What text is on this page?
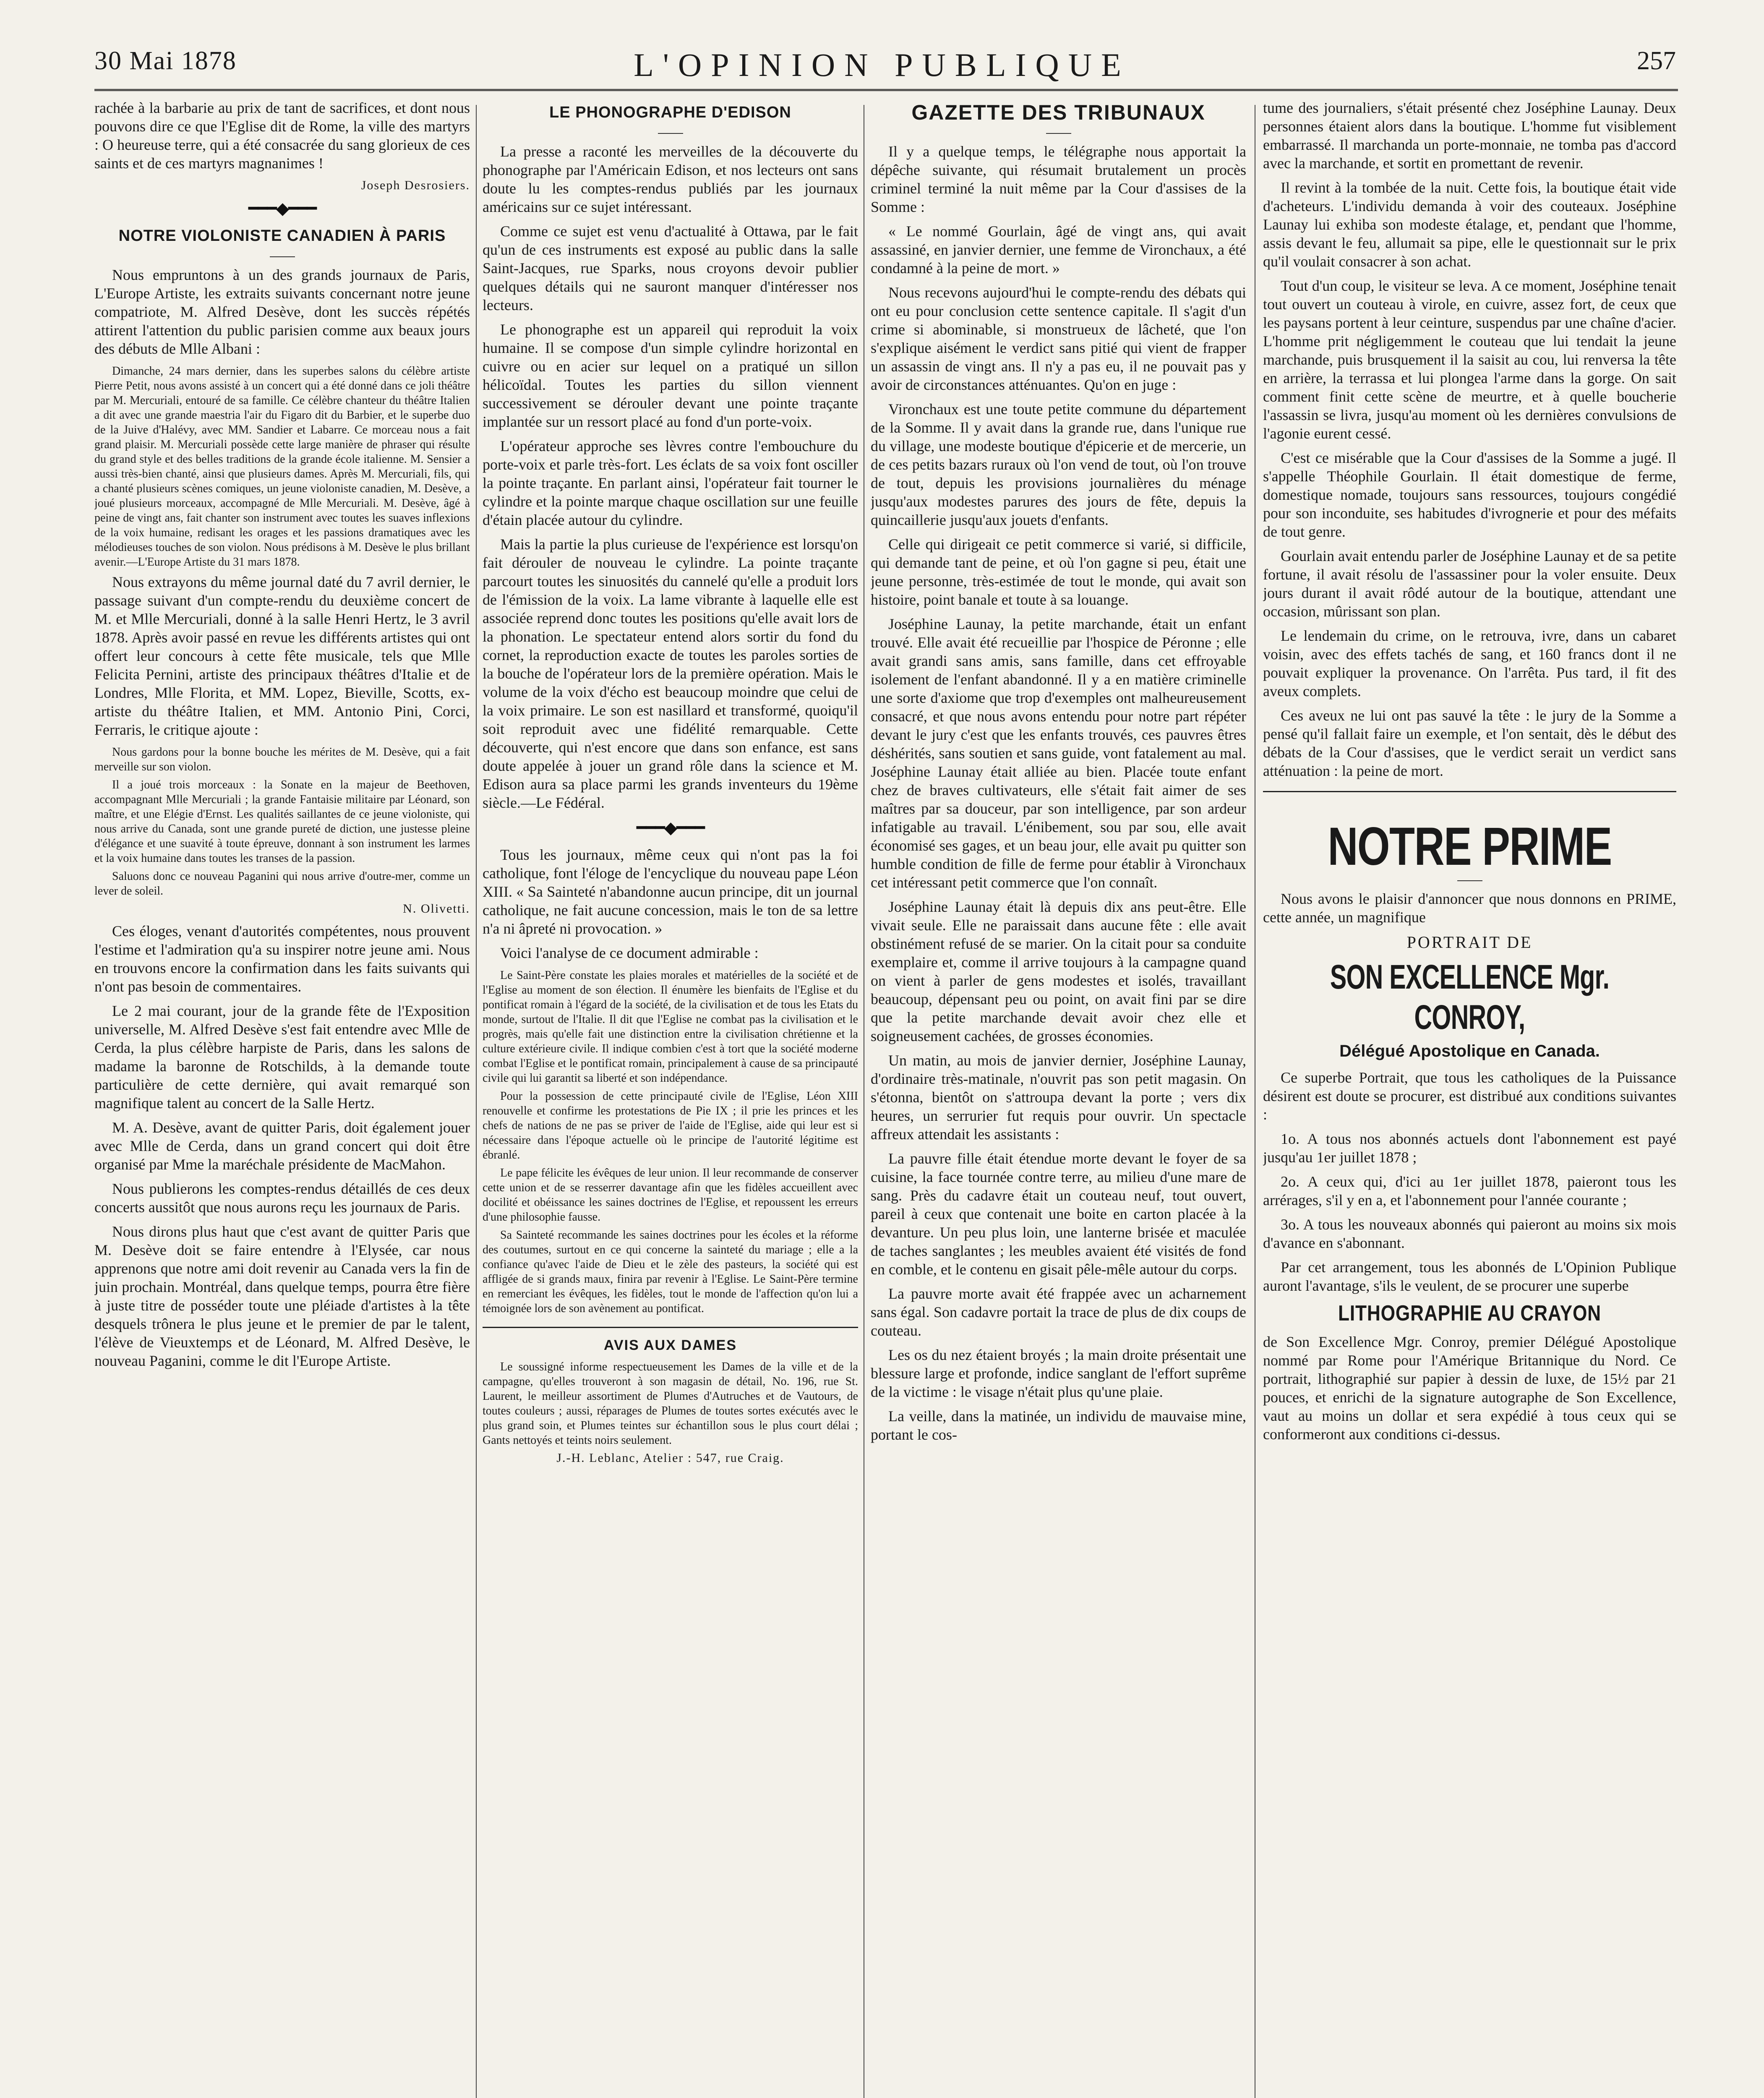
L'OPINION PUBLIQUE
30 Mai 1878	257

rachée à la barbarie au prix de tant de sacrifices, et dont nous pouvons dire ce que l'Eglise dit de Rome, la ville des martyrs : O heureuse terre, qui a été consacrée du sang glorieux de ces saints et de ces martyrs magnanimes !

Joseph Desrosiers.
━━━◆━━━
NOTRE VIOLONISTE CANADIEN À PARIS

Nous empruntons à un des grands journaux de Paris, L'Europe Artiste, les extraits suivants concernant notre jeune compatriote, M. Alfred Desève, dont les succès répétés attirent l'attention du public parisien comme aux beaux jours des débuts de Mlle Albani :

Dimanche, 24 mars dernier, dans les superbes salons du célèbre artiste Pierre Petit, nous avons assisté à un concert qui a été donné dans ce joli théâtre par M. Mercuriali, entouré de sa famille. Ce célèbre chanteur du théâtre Italien a dit avec une grande maestria l'air du Figaro dit du Barbier, et le superbe duo de la Juive d'Halévy, avec MM. Sandier et Labarre. Ce morceau nous a fait grand plaisir. M. Mercuriali possède cette large manière de phraser qui résulte du grand style et des belles traditions de la grande école italienne. M. Sensier a aussi très-bien chanté, ainsi que plusieurs dames. Après M. Mercuriali, fils, qui a chanté plusieurs scènes comiques, un jeune violoniste canadien, M. Desève, a joué plusieurs morceaux, accompagné de Mlle Mercuriali. M. Desève, âgé à peine de vingt ans, fait chanter son instrument avec toutes les suaves inflexions de la voix humaine, redisant les orages et les passions dramatiques avec les mélodieuses touches de son violon. Nous prédisons à M. Desève le plus brillant avenir.—L'Europe Artiste du 31 mars 1878.

Nous extrayons du même journal daté du 7 avril dernier, le passage suivant d'un compte-rendu du deuxième concert de M. et Mlle Mercuriali, donné à la salle Henri Hertz, le 3 avril 1878. Après avoir passé en revue les différents artistes qui ont offert leur concours à cette fête musicale, tels que Mlle Felicita Pernini, artiste des principaux théâtres d'Italie et de Londres, Mlle Florita, et MM. Lopez, Bieville, Scotts, ex-artiste du théâtre Italien, et MM. Antonio Pini, Corci, Ferraris, le critique ajoute :

Nous gardons pour la bonne bouche les mérites de M. Desève, qui a fait merveille sur son violon.

Il a joué trois morceaux : la Sonate en la majeur de Beethoven, accompagnant Mlle Mercuriali ; la grande Fantaisie militaire par Léonard, son maître, et une Elégie d'Ernst. Les qualités saillantes de ce jeune violoniste, qui nous arrive du Canada, sont une grande pureté de diction, une justesse pleine d'élégance et une suavité à toute épreuve, donnant à son instrument les larmes et la voix humaine dans toutes les transes de la passion.

Saluons donc ce nouveau Paganini qui nous arrive d'outre-mer, comme un lever de soleil.

N. Olivetti.

Ces éloges, venant d'autorités compétentes, nous prouvent l'estime et l'admiration qu'a su inspirer notre jeune ami. Nous en trouvons encore la confirmation dans les faits suivants qui n'ont pas besoin de commentaires.

Le 2 mai courant, jour de la grande fête de l'Exposition universelle, M. Alfred Desève s'est fait entendre avec Mlle de Cerda, la plus célèbre harpiste de Paris, dans les salons de madame la baronne de Rotschilds, à la demande toute particulière de cette dernière, qui avait remarqué son magnifique talent au concert de la Salle Hertz.

M. A. Desève, avant de quitter Paris, doit également jouer avec Mlle de Cerda, dans un grand concert qui doit être organisé par Mme la maréchale présidente de MacMahon.

Nous publierons les comptes-rendus détaillés de ces deux concerts aussitôt que nous aurons reçu les journaux de Paris.

Nous dirons plus haut que c'est avant de quitter Paris que M. Desève doit se faire entendre à l'Elysée, car nous apprenons que notre ami doit revenir au Canada vers la fin de juin prochain. Montréal, dans quelque temps, pourra être fière à juste titre de posséder toute une pléiade d'artistes à la tête desquels trônera le plus jeune et le premier de par le talent, l'élève de Vieuxtemps et de Léonard, M. Alfred Desève, le nouveau Paganini, comme le dit l'Europe Artiste.

LE PHONOGRAPHE D'EDISON

La presse a raconté les merveilles de la découverte du phonographe par l'Américain Edison, et nos lecteurs ont sans doute lu les comptes-rendus publiés par les journaux américains sur ce sujet intéressant.

Comme ce sujet est venu d'actualité à Ottawa, par le fait qu'un de ces instruments est exposé au public dans la salle Saint-Jacques, rue Sparks, nous croyons devoir publier quelques détails qui ne sauront manquer d'intéresser nos lecteurs.

Le phonographe est un appareil qui reproduit la voix humaine. Il se compose d'un simple cylindre horizontal en cuivre ou en acier sur lequel on a pratiqué un sillon hélicoïdal. Toutes les parties du sillon viennent successivement se dérouler devant une pointe traçante implantée sur un ressort placé au fond d'un porte-voix.

L'opérateur approche ses lèvres contre l'embouchure du porte-voix et parle très-fort. Les éclats de sa voix font osciller la pointe traçante. En parlant ainsi, l'opérateur fait tourner le cylindre et la pointe marque chaque oscillation sur une feuille d'étain placée autour du cylindre.

Mais la partie la plus curieuse de l'expérience est lorsqu'on fait dérouler de nouveau le cylindre. La pointe traçante parcourt toutes les sinuosités du cannelé qu'elle a produit lors de l'émission de la voix. La lame vibrante à laquelle elle est associée reprend donc toutes les positions qu'elle avait lors de la phonation. Le spectateur entend alors sortir du fond du cornet, la reproduction exacte de toutes les paroles sorties de la bouche de l'opérateur lors de la première opération. Mais le volume de la voix d'écho est beaucoup moindre que celui de la voix primaire. Le son est nasillard et transformé, quoiqu'il soit reproduit avec une fidélité remarquable. Cette découverte, qui n'est encore que dans son enfance, est sans doute appelée à jouer un grand rôle dans la science et M. Edison aura sa place parmi les grands inventeurs du 19ème siècle.—Le Fédéral.

━━━◆━━━

Tous les journaux, même ceux qui n'ont pas la foi catholique, font l'éloge de l'encyclique du nouveau pape Léon XIII. « Sa Sainteté n'abandonne aucun principe, dit un journal catholique, ne fait aucune concession, mais le ton de sa lettre n'a ni âpreté ni provocation. »

Voici l'analyse de ce document admirable :

Le Saint-Père constate les plaies morales et matérielles de la société et de l'Eglise au moment de son élection. Il énumère les bienfaits de l'Eglise et du pontificat romain à l'égard de la société, de la civilisation et de tous les Etats du monde, surtout de l'Italie. Il dit que l'Eglise ne combat pas la civilisation et le progrès, mais qu'elle fait une distinction entre la civilisation chrétienne et la culture extérieure civile. Il indique combien c'est à tort que la société moderne combat l'Eglise et le pontificat romain, principalement à cause de sa principauté civile qui lui garantit sa liberté et son indépendance.

Pour la possession de cette principauté civile de l'Eglise, Léon XIII renouvelle et confirme les protestations de Pie IX ; il prie les princes et les chefs de nations de ne pas se priver de l'aide de l'Eglise, aide qui leur est si nécessaire dans l'époque actuelle où le principe de l'autorité légitime est ébranlé.

Le pape félicite les évêques de leur union. Il leur recommande de conserver cette union et de se resserrer davantage afin que les fidèles accueillent avec docilité et obéissance les saines doctrines de l'Eglise, et repoussent les erreurs d'une philosophie fausse.

Sa Sainteté recommande les saines doctrines pour les écoles et la réforme des coutumes, surtout en ce qui concerne la sainteté du mariage ; elle a la confiance qu'avec l'aide de Dieu et le zèle des pasteurs, la société qui est affligée de si grands maux, finira par revenir à l'Eglise. Le Saint-Père termine en remerciant les évêques, les fidèles, tout le monde de l'affection qu'on lui a témoignée lors de son avènement au pontificat.

AVIS AUX DAMES

Le soussigné informe respectueusement les Dames de la ville et de la campagne, qu'elles trouveront à son magasin de détail, No. 196, rue St. Laurent, le meilleur assortiment de Plumes d'Autruches et de Vautours, de toutes couleurs ; aussi, réparages de Plumes de toutes sortes exécutés avec le plus grand soin, et Plumes teintes sur échantillon sous le plus court délai ; Gants nettoyés et teints noirs seulement.

J.-H. Leblanc, Atelier : 547, rue Craig.
GAZETTE DES TRIBUNAUX

Il y a quelque temps, le télégraphe nous apportait la dépêche suivante, qui résumait brutalement un procès criminel terminé la nuit même par la Cour d'assises de la Somme :

« Le nommé Gourlain, âgé de vingt ans, qui avait assassiné, en janvier dernier, une femme de Vironchaux, a été condamné à la peine de mort. »

Nous recevons aujourd'hui le compte-rendu des débats qui ont eu pour conclusion cette sentence capitale. Il s'agit d'un crime si abominable, si monstrueux de lâcheté, que l'on s'explique aisément le verdict sans pitié qui vient de frapper un assassin de vingt ans. Il n'y a pas eu, il ne pouvait pas y avoir de circonstances atténuantes. Qu'on en juge :

Vironchaux est une toute petite commune du département de la Somme. Il y avait dans la grande rue, dans l'unique rue du village, une modeste boutique d'épicerie et de mercerie, un de ces petits bazars ruraux où l'on vend de tout, où l'on trouve de tout, depuis les provisions journalières du ménage jusqu'aux modestes parures des jours de fête, depuis la quincaillerie jusqu'aux jouets d'enfants.

Celle qui dirigeait ce petit commerce si varié, si difficile, qui demande tant de peine, et où l'on gagne si peu, était une jeune personne, très-estimée de tout le monde, qui avait son histoire, point banale et toute à sa louange.

Joséphine Launay, la petite marchande, était un enfant trouvé. Elle avait été recueillie par l'hospice de Péronne ; elle avait grandi sans amis, sans famille, dans cet effroyable isolement de l'enfant abandonné. Il y a en matière criminelle une sorte d'axiome que trop d'exemples ont malheureusement consacré, et que nous avons entendu pour notre part répéter devant le jury c'est que les enfants trouvés, ces pauvres êtres déshérités, sans soutien et sans guide, vont fatalement au mal. Joséphine Launay était alliée au bien. Placée toute enfant chez de braves cultivateurs, elle s'était fait aimer de ses maîtres par sa douceur, par son intelligence, par son ardeur infatigable au travail. L'énibement, sou par sou, elle avait économisé ses gages, et un beau jour, elle avait pu quitter son humble condition de fille de ferme pour établir à Vironchaux cet intéressant petit commerce que l'on connaît.

Joséphine Launay était là depuis dix ans peut-être. Elle vivait seule. Elle ne paraissait dans aucune fête : elle avait obstinément refusé de se marier. On la citait pour sa conduite exemplaire et, comme il arrive toujours à la campagne quand on vient à parler de gens modestes et isolés, travaillant beaucoup, dépensant peu ou point, on avait fini par se dire que la petite marchande devait avoir chez elle et soigneusement cachées, de grosses économies.

Un matin, au mois de janvier dernier, Joséphine Launay, d'ordinaire très-matinale, n'ouvrit pas son petit magasin. On s'étonna, bientôt on s'attroupa devant la porte ; vers dix heures, un serrurier fut requis pour ouvrir. Un spectacle affreux attendait les assistants :

La pauvre fille était étendue morte devant le foyer de sa cuisine, la face tournée contre terre, au milieu d'une mare de sang. Près du cadavre était un couteau neuf, tout ouvert, pareil à ceux que contenait une boite en carton placée à la devanture. Un peu plus loin, une lanterne brisée et maculée de taches sanglantes ; les meubles avaient été visités de fond en comble, et le contenu en gisait pêle-mêle autour du corps.

La pauvre morte avait été frappée avec un acharnement sans égal. Son cadavre portait la trace de plus de dix coups de couteau.

Les os du nez étaient broyés ; la main droite présentait une blessure large et profonde, indice sanglant de l'effort suprême de la victime : le visage n'était plus qu'une plaie.

La veille, dans la matinée, un individu de mauvaise mine, portant le cos-

tume des journaliers, s'était présenté chez Joséphine Launay. Deux personnes étaient alors dans la boutique. L'homme fut visiblement embarrassé. Il marchanda un porte-monnaie, ne tomba pas d'accord avec la marchande, et sortit en promettant de revenir.

Il revint à la tombée de la nuit. Cette fois, la boutique était vide d'acheteurs. L'individu demanda à voir des couteaux. Joséphine Launay lui exhiba son modeste étalage, et, pendant que l'homme, assis devant le feu, allumait sa pipe, elle le questionnait sur le prix qu'il voulait consacrer à son achat.

Tout d'un coup, le visiteur se leva. A ce moment, Joséphine tenait tout ouvert un couteau à virole, en cuivre, assez fort, de ceux que les paysans portent à leur ceinture, suspendus par une chaîne d'acier. L'homme prit négligemment le couteau que lui tendait la jeune marchande, puis brusquement il la saisit au cou, lui renversa la tête en arrière, la terrassa et lui plongea l'arme dans la gorge. On sait comment finit cette scène de meurtre, et à quelle boucherie l'assassin se livra, jusqu'au moment où les dernières convulsions de l'agonie eurent cessé.

C'est ce misérable que la Cour d'assises de la Somme a jugé. Il s'appelle Théophile Gourlain. Il était domestique de ferme, domestique nomade, toujours sans ressources, toujours congédié pour son inconduite, ses habitudes d'ivrognerie et pour des méfaits de tout genre.

Gourlain avait entendu parler de Joséphine Launay et de sa petite fortune, il avait résolu de l'assassiner pour la voler ensuite. Deux jours durant il avait rôdé autour de la boutique, attendant une occasion, mûrissant son plan.

Le lendemain du crime, on le retrouva, ivre, dans un cabaret voisin, avec des effets tachés de sang, et 160 francs dont il ne pouvait expliquer la provenance. On l'arrêta. Pus tard, il fit des aveux complets.

Ces aveux ne lui ont pas sauvé la tête : le jury de la Somme a pensé qu'il fallait faire un exemple, et l'on sentait, dès le début des débats de la Cour d'assises, que le verdict serait un verdict sans atténuation : la peine de mort.

NOTRE PRIME

Nous avons le plaisir d'annoncer que nous donnons en PRIME, cette année, un magnifique

PORTRAIT DE
SON EXCELLENCE Mgr. CONROY,
Délégué Apostolique en Canada.

Ce superbe Portrait, que tous les catholiques de la Puissance désirent est doute se procurer, est distribué aux conditions suivantes :

1o. A tous nos abonnés actuels dont l'abonnement est payé jusqu'au 1er juillet 1878 ;

2o. A ceux qui, d'ici au 1er juillet 1878, paieront tous les arrérages, s'il y en a, et l'abonnement pour l'année courante ;

3o. A tous les nouveaux abonnés qui paieront au moins six mois d'avance en s'abonnant.

Par cet arrangement, tous les abonnés de L'Opinion Publique auront l'avantage, s'ils le veulent, de se procurer une superbe

LITHOGRAPHIE AU CRAYON

de Son Excellence Mgr. Conroy, premier Délégué Apostolique nommé par Rome pour l'Amérique Britannique du Nord. Ce portrait, lithographié sur papier à dessin de luxe, de 15½ par 21 pouces, et enrichi de la signature autographe de Son Excellence, vaut au moins un dollar et sera expédié à tous ceux qui se conformeront aux conditions ci-dessus.
